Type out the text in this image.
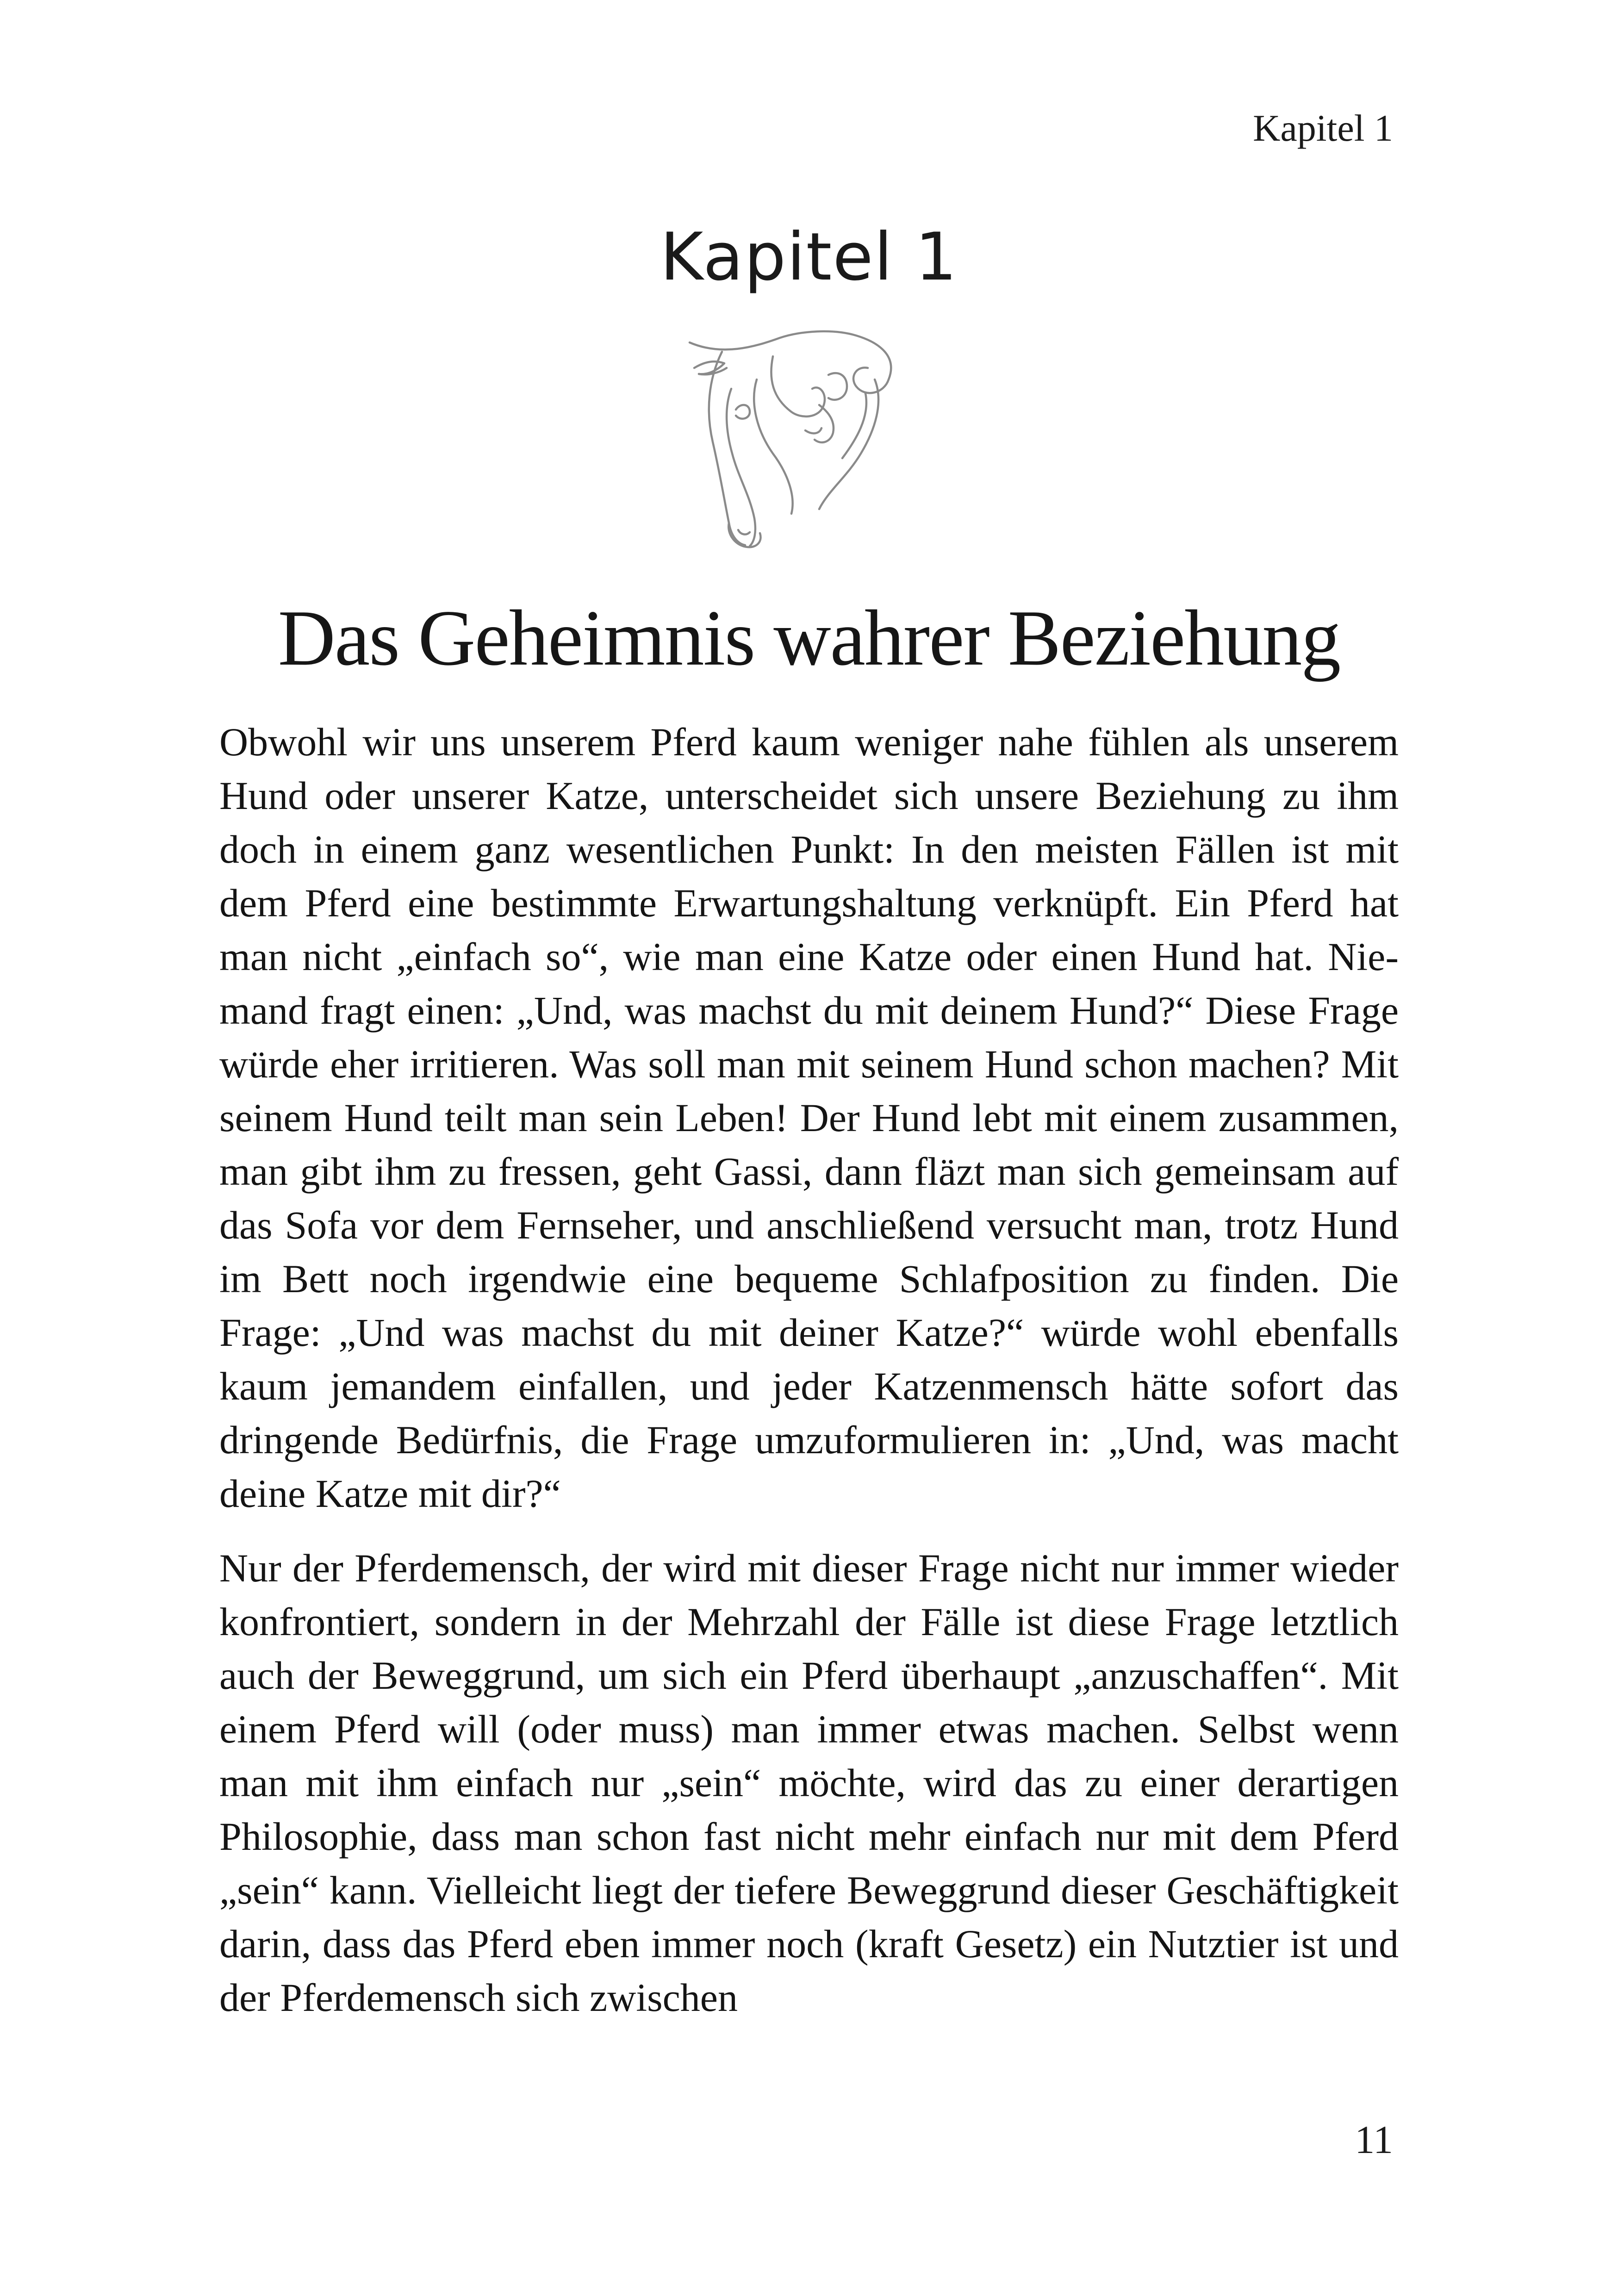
Kapitel 1
Kapitel 1
Das Geheimnis wahrer Beziehung

Obwohl wir uns unserem Pferd kaum weniger nahe fühlen als unserem Hund oder unserer Katze, unterscheidet sich unsere Beziehung zu ihm doch in einem ganz wesentlichen Punkt: In den meisten Fällen ist mit dem Pferd eine bestimmte Erwartungshaltung verknüpft. Ein Pferd hat man nicht „einfach so“, wie man eine Katze oder einen Hund hat. Niemand fragt einen: „Und, was machst du mit deinem Hund?“ Diese Frage würde eher irritieren. Was soll man mit seinem Hund schon machen? Mit seinem Hund teilt man sein Leben! Der Hund lebt mit einem zusammen, man gibt ihm zu fressen, geht Gassi, dann fläzt man sich gemeinsam auf das Sofa vor dem Fernseher, und anschließend versucht man, trotz Hund im Bett noch irgendwie eine bequeme Schlafposition zu finden. Die Frage: „Und was machst du mit deiner Katze?“ würde wohl ebenfalls kaum jemandem einfallen, und jeder Katzenmensch hätte sofort das dringende Bedürfnis, die Frage umzuformulieren in: „Und, was macht deine Katze mit dir?“

Nur der Pferdemensch, der wird mit dieser Frage nicht nur immer wieder konfrontiert, sondern in der Mehrzahl der Fälle ist diese Frage letztlich auch der Beweggrund, um sich ein Pferd überhaupt „anzuschaffen“. Mit einem Pferd will (oder muss) man immer etwas machen. Selbst wenn man mit ihm einfach nur „sein“ möchte, wird das zu einer derartigen Philosophie, dass man schon fast nicht mehr einfach nur mit dem Pferd „sein“ kann. Vielleicht liegt der tiefere Beweggrund dieser Geschäftigkeit darin, dass das Pferd eben immer noch (kraft Gesetz) ein Nutztier ist und der Pferdemensch sich zwischen

11
